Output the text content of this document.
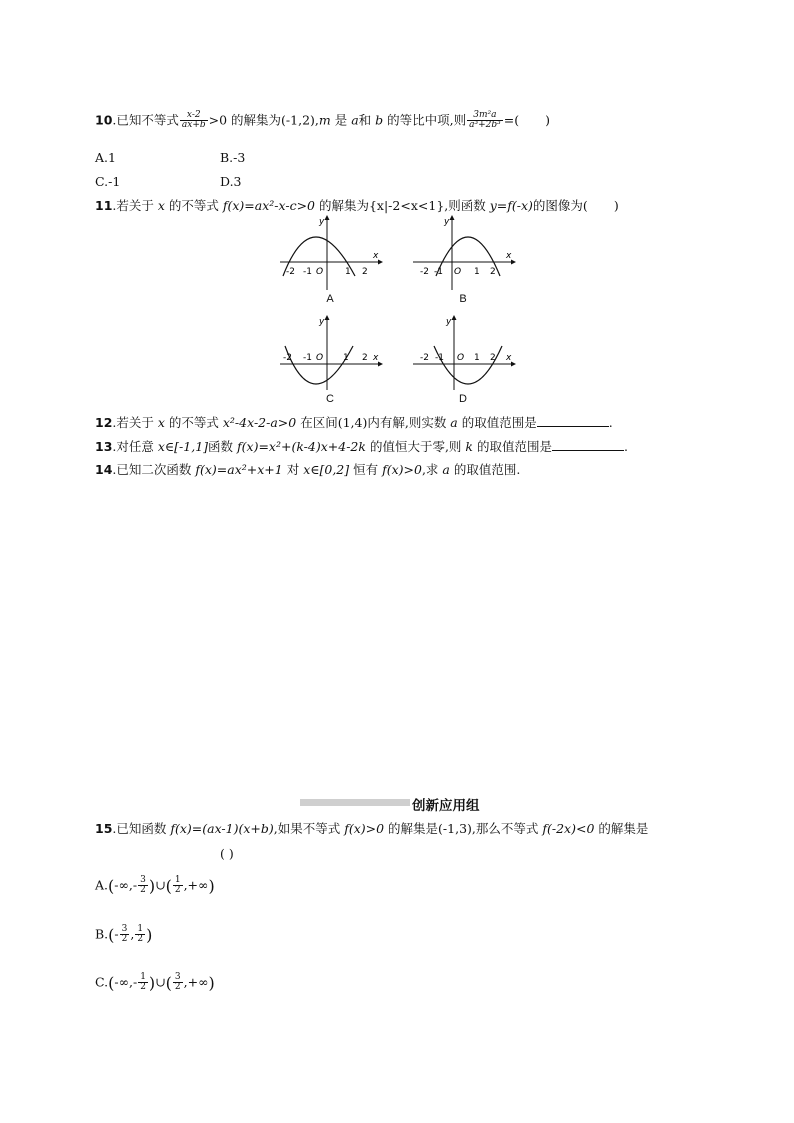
10.已知不等式 $\frac{x-2}{ax+b} >0$ 的解集为(-1,2),m 是 a和 b 的等比中项,则 $\frac{\text{3m²a}}{\text{a³+2b³}}$ =( )
A.1	B.-3
C.-1	D.3
11.若关于 x 的不等式 f(x)=ax²-x-c>0 的解集为{x|-2<x<1},则函数 y=f(-x)的图像为( )
-2 -1	1 2
x
y
O
A
-2 -1	1 2
x
y
O
B
-2 -1	1 2 x
y
O
C
-2 -1	1 2 x
y
O
D
12.若关于 x 的不等式 x²-4x-2-a>0 在区间(1,4)内有解,则实数 a 的取值范围是	.
13.对任意 x∈[-1,1]函数 f(x)=x²+(k-4)x+4-2k 的值恒大于零,则 k 的取值范围是	.
14.已知二次函数 f(x)=ax²+x+1 对 x∈[0,2] 恒有 f(x)>0,求 a 的取值范围.
创新应用组
15.已知函数 f(x)=(ax-1)(x+b),如果不等式 f(x)>0 的解集是(-1,3),那么不等式 f(-2x)<0 的解集是
( )
$A.(-\infty,- \frac{3}{2}$ )∪( $\frac{1}{2}$ ,+∞)
$B.(- \frac{3}{2}$ , $\frac{1}{2}$ )
$C.(-\infty,- \frac{1}{2}$ )∪( $\frac{3}{2}$ ,+∞)
